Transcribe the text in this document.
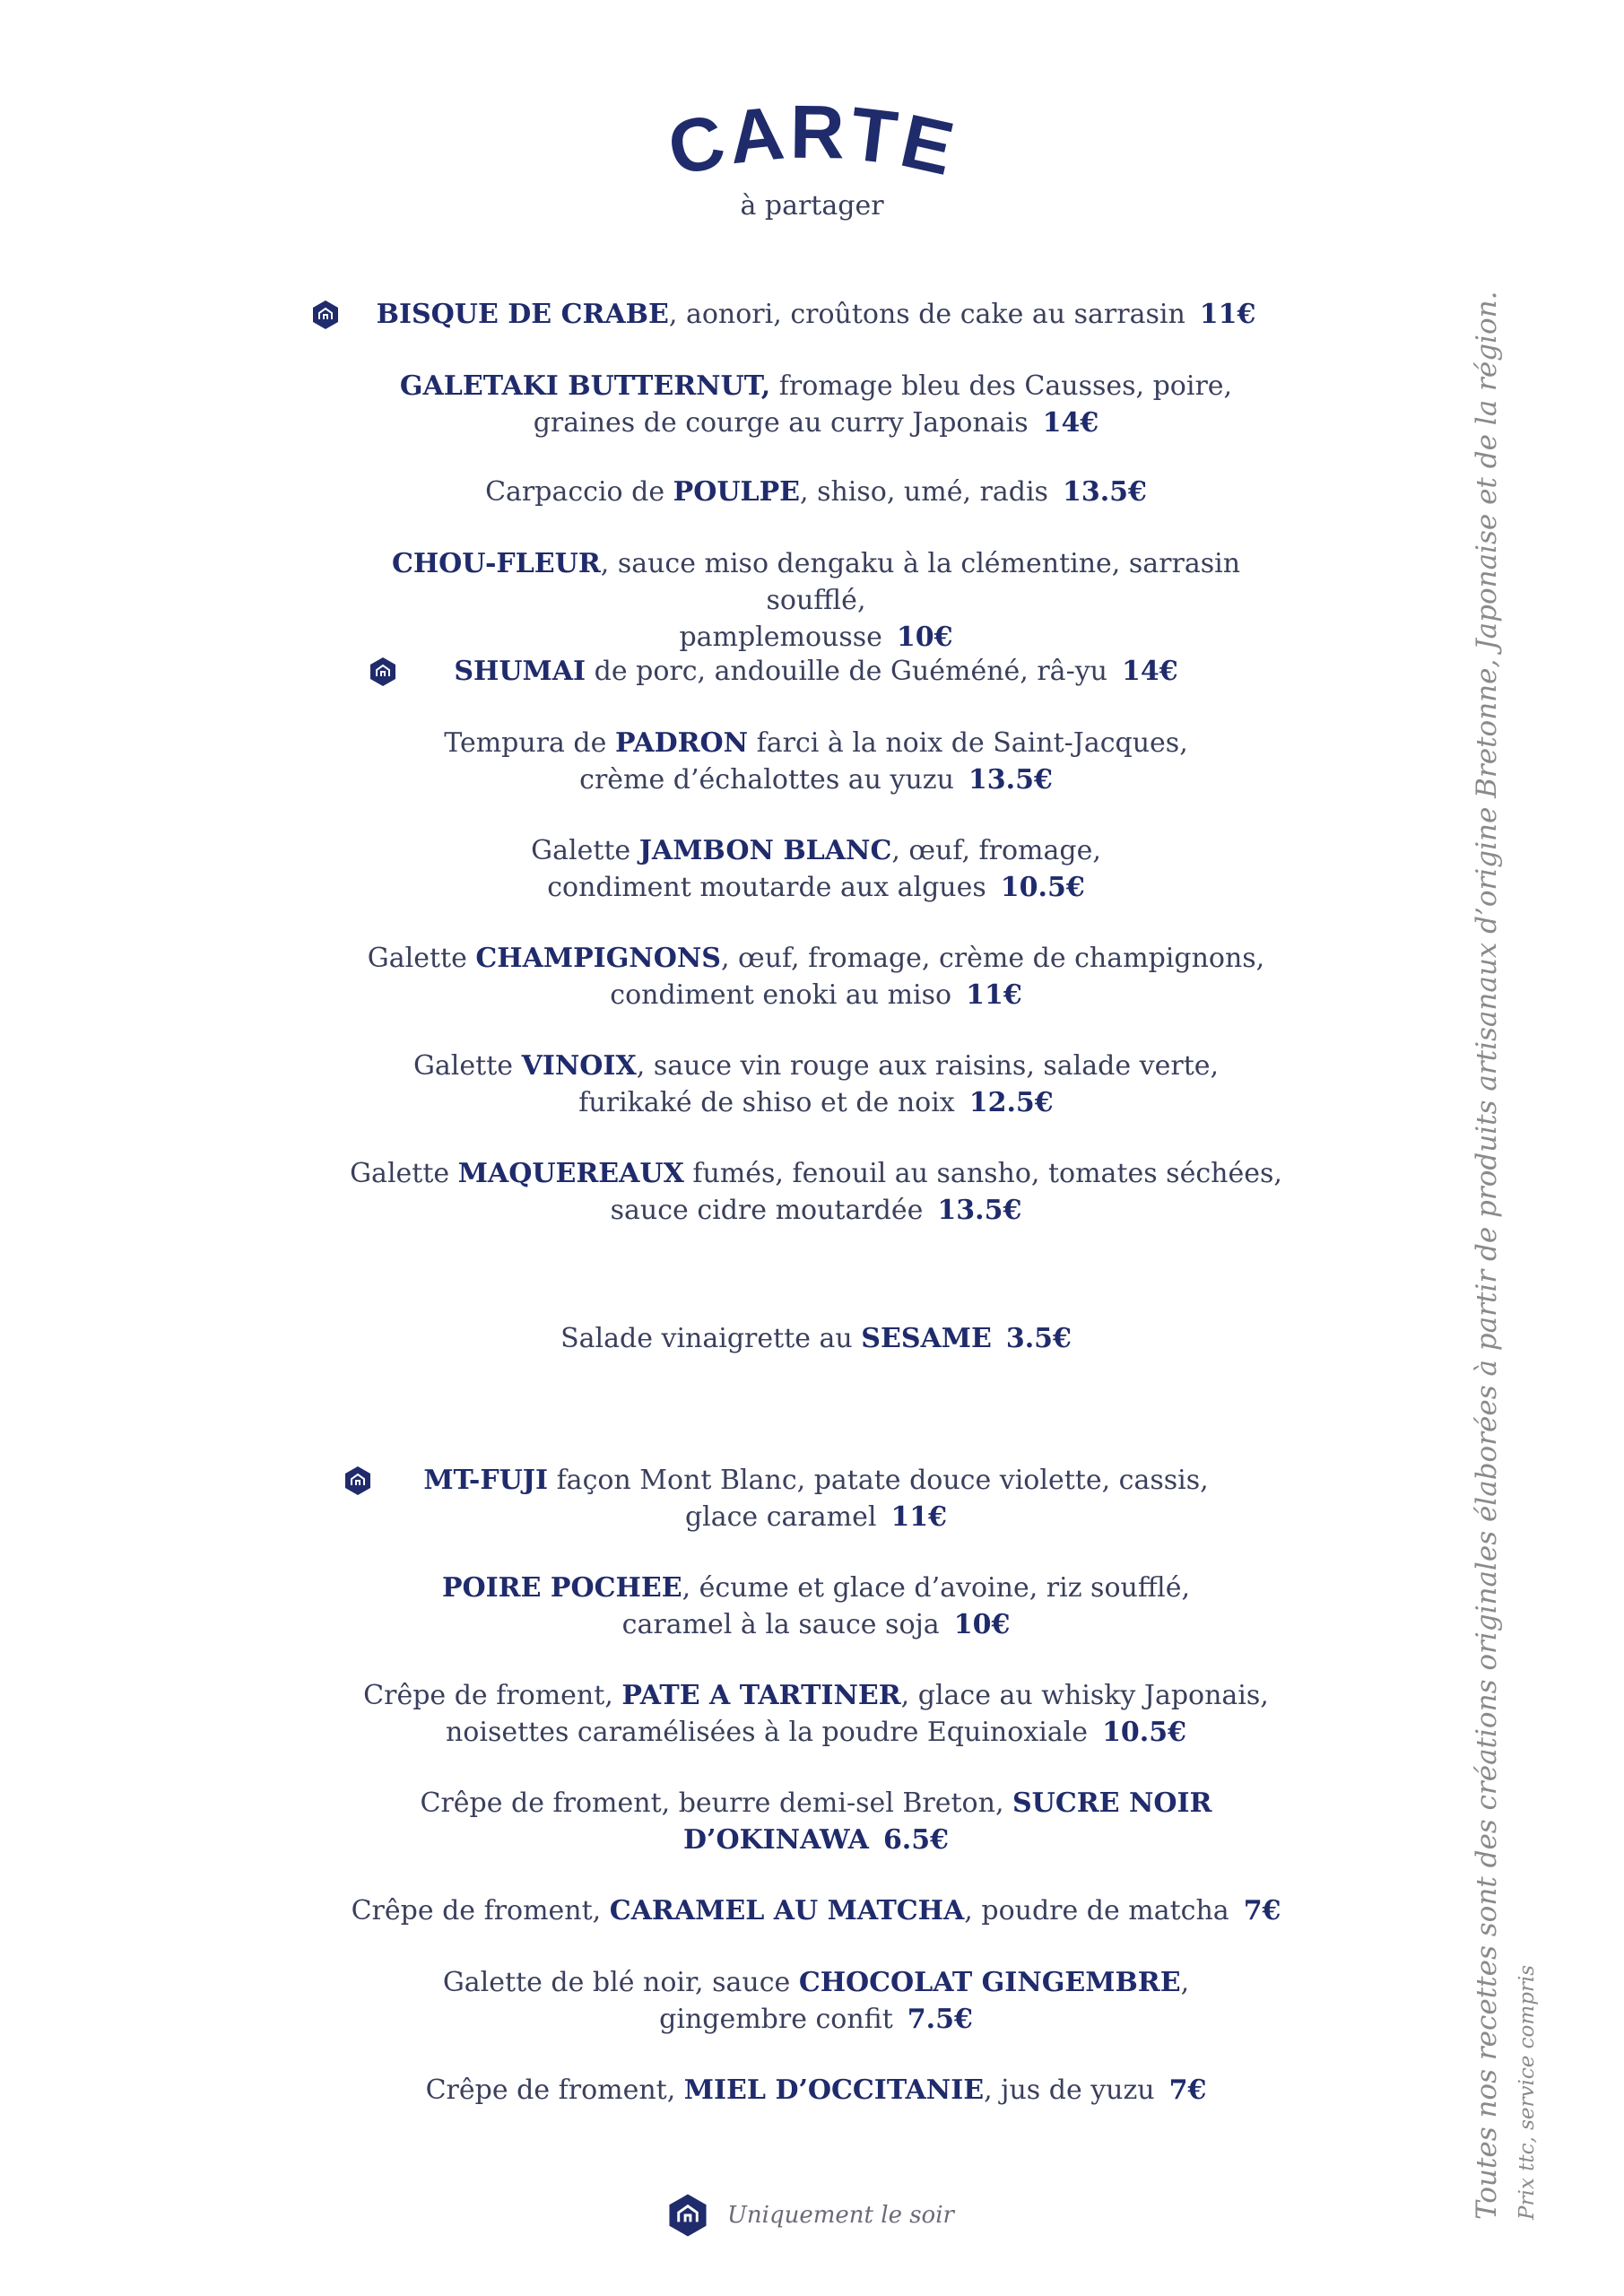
CARTE
à partager
BISQUE DE CRABE, aonori, croûtons de cake au sarrasin 11€
GALETAKI BUTTERNUT, fromage bleu des Causses, poire,
graines de courge au curry Japonais 14€
Carpaccio de POULPE, shiso, umé, radis 13.5€
CHOU-FLEUR, sauce miso dengaku à la clémentine, sarrasin soufflé,
pamplemousse 10€
SHUMAI de porc, andouille de Guéméné, râ-yu 14€
Tempura de PADRON farci à la noix de Saint-Jacques,
crème d’échalottes au yuzu 13.5€
Galette JAMBON BLANC, œuf, fromage,
condiment moutarde aux algues 10.5€
Galette CHAMPIGNONS, œuf, fromage, crème de champignons,
condiment enoki au miso 11€
Galette VINOIX, sauce vin rouge aux raisins, salade verte,
furikaké de shiso et de noix 12.5€
Galette MAQUEREAUX fumés, fenouil au sansho, tomates séchées,
sauce cidre moutardée 13.5€
Salade vinaigrette au SESAME 3.5€
MT-FUJI façon Mont Blanc, patate douce violette, cassis,
glace caramel 11€
POIRE POCHEE, écume et glace d’avoine, riz soufflé,
caramel à la sauce soja 10€
Crêpe de froment, PATE A TARTINER, glace au whisky Japonais,
noisettes caramélisées à la poudre Equinoxiale 10.5€
Crêpe de froment, beurre demi-sel Breton, SUCRE NOIR
D’OKINAWA 6.5€
Crêpe de froment, CARAMEL AU MATCHA, poudre de matcha 7€
Galette de blé noir, sauce CHOCOLAT GINGEMBRE,
gingembre confit 7.5€
Crêpe de froment, MIEL D’OCCITANIE, jus de yuzu 7€
Uniquement le soir	Toutes nos recettes sont des créations originales élaborées à partir de produits artisanaux d’origine Bretonne, Japonaise et de la région. Prix ttc, service compris
